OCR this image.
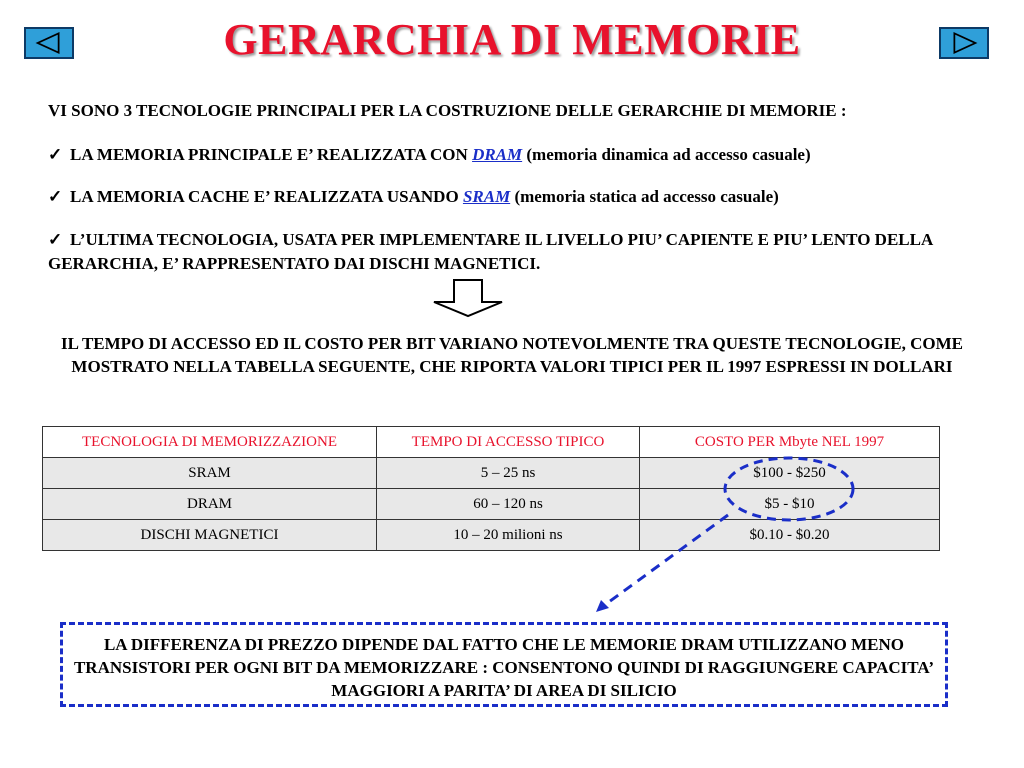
GERARCHIA DI MEMORIE
VI SONO 3 TECNOLOGIE PRINCIPALI PER LA COSTRUZIONE DELLE GERARCHIE DI MEMORIE :
✓ LA MEMORIA PRINCIPALE E’ REALIZZATA CON DRAM (memoria dinamica ad accesso casuale)
✓ LA MEMORIA CACHE E’ REALIZZATA USANDO SRAM (memoria statica ad accesso casuale)
✓ L’ULTIMA TECNOLOGIA, USATA PER IMPLEMENTARE IL LIVELLO PIU’ CAPIENTE E PIU’ LENTO DELLA GERARCHIA, E’ RAPPRESENTATO DAI DISCHI MAGNETICI.
IL TEMPO DI ACCESSO ED IL COSTO PER BIT VARIANO NOTEVOLMENTE TRA QUESTE TECNOLOGIE, COME MOSTRATO NELLA TABELLA SEGUENTE, CHE RIPORTA VALORI TIPICI PER IL 1997 ESPRESSI IN DOLLARI
TECNOLOGIA DI MEMORIZZAZIONE	TEMPO DI ACCESSO TIPICO	COSTO PER Mbyte NEL 1997
SRAM	5 – 25 ns	$100 - $250
DRAM	60 – 120 ns	$5 - $10
DISCHI MAGNETICI	10 – 20 milioni ns	$0.10 - $0.20
LA DIFFERENZA DI PREZZO DIPENDE DAL FATTO CHE LE MEMORIE DRAM UTILIZZANO MENO TRANSISTORI PER OGNI BIT DA MEMORIZZARE : CONSENTONO QUINDI DI RAGGIUNGERE CAPACITA’ MAGGIORI A PARITA’ DI AREA DI SILICIO
